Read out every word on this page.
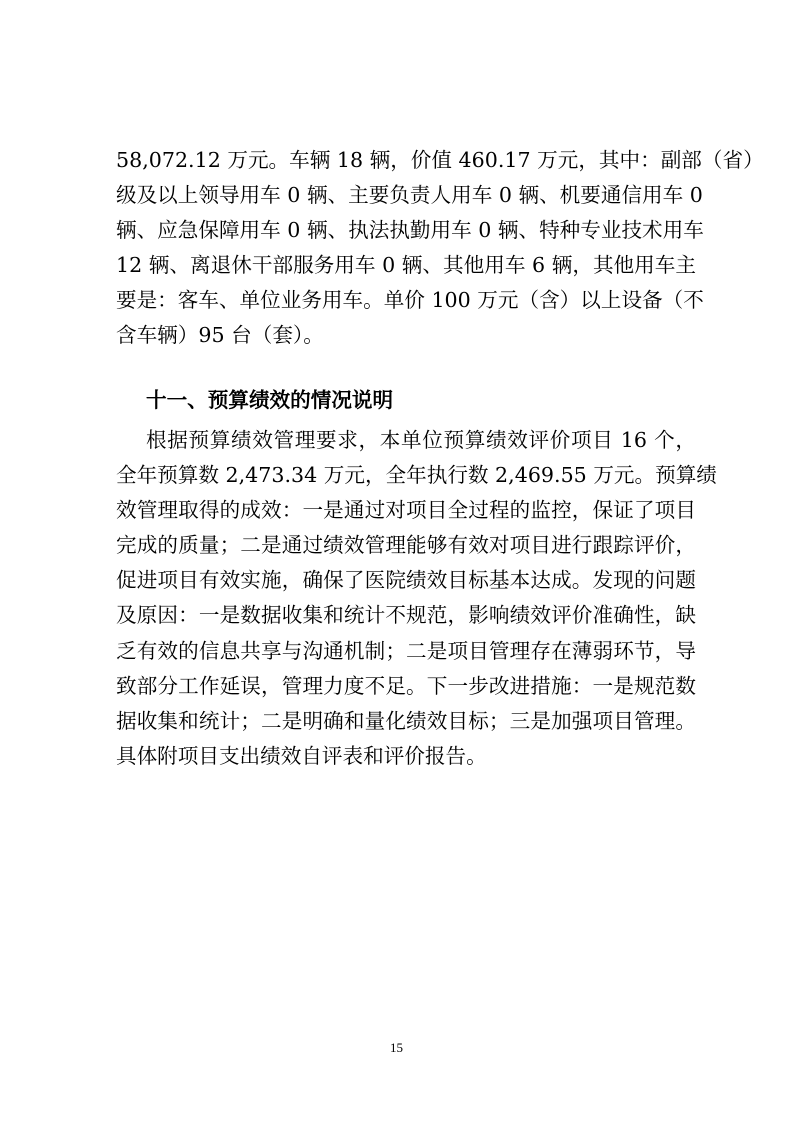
58,072.12 万元。车辆 18 辆，价值 460.17 万元，其中：副部（省）
级及以上领导用车 0 辆、主要负责人用车 0 辆、机要通信用车 0
辆、应急保障用车 0 辆、执法执勤用车 0 辆、特种专业技术用车
12 辆、离退休干部服务用车 0 辆、其他用车 6 辆，其他用车主
要是：客车、单位业务用车。单价 100 万元（含）以上设备（不
含车辆）95 台（套）。
十一、预算绩效的情况说明
根据预算绩效管理要求，本单位预算绩效评价项目 16 个，
全年预算数 2,473.34 万元，全年执行数 2,469.55 万元。预算绩
效管理取得的成效：一是通过对项目全过程的监控，保证了项目
完成的质量；二是通过绩效管理能够有效对项目进行跟踪评价，
促进项目有效实施，确保了医院绩效目标基本达成。发现的问题
及原因：一是数据收集和统计不规范，影响绩效评价准确性，缺
乏有效的信息共享与沟通机制；二是项目管理存在薄弱环节，导
致部分工作延误，管理力度不足。下一步改进措施：一是规范数
据收集和统计；二是明确和量化绩效目标；三是加强项目管理。
具体附项目支出绩效自评表和评价报告。
15
